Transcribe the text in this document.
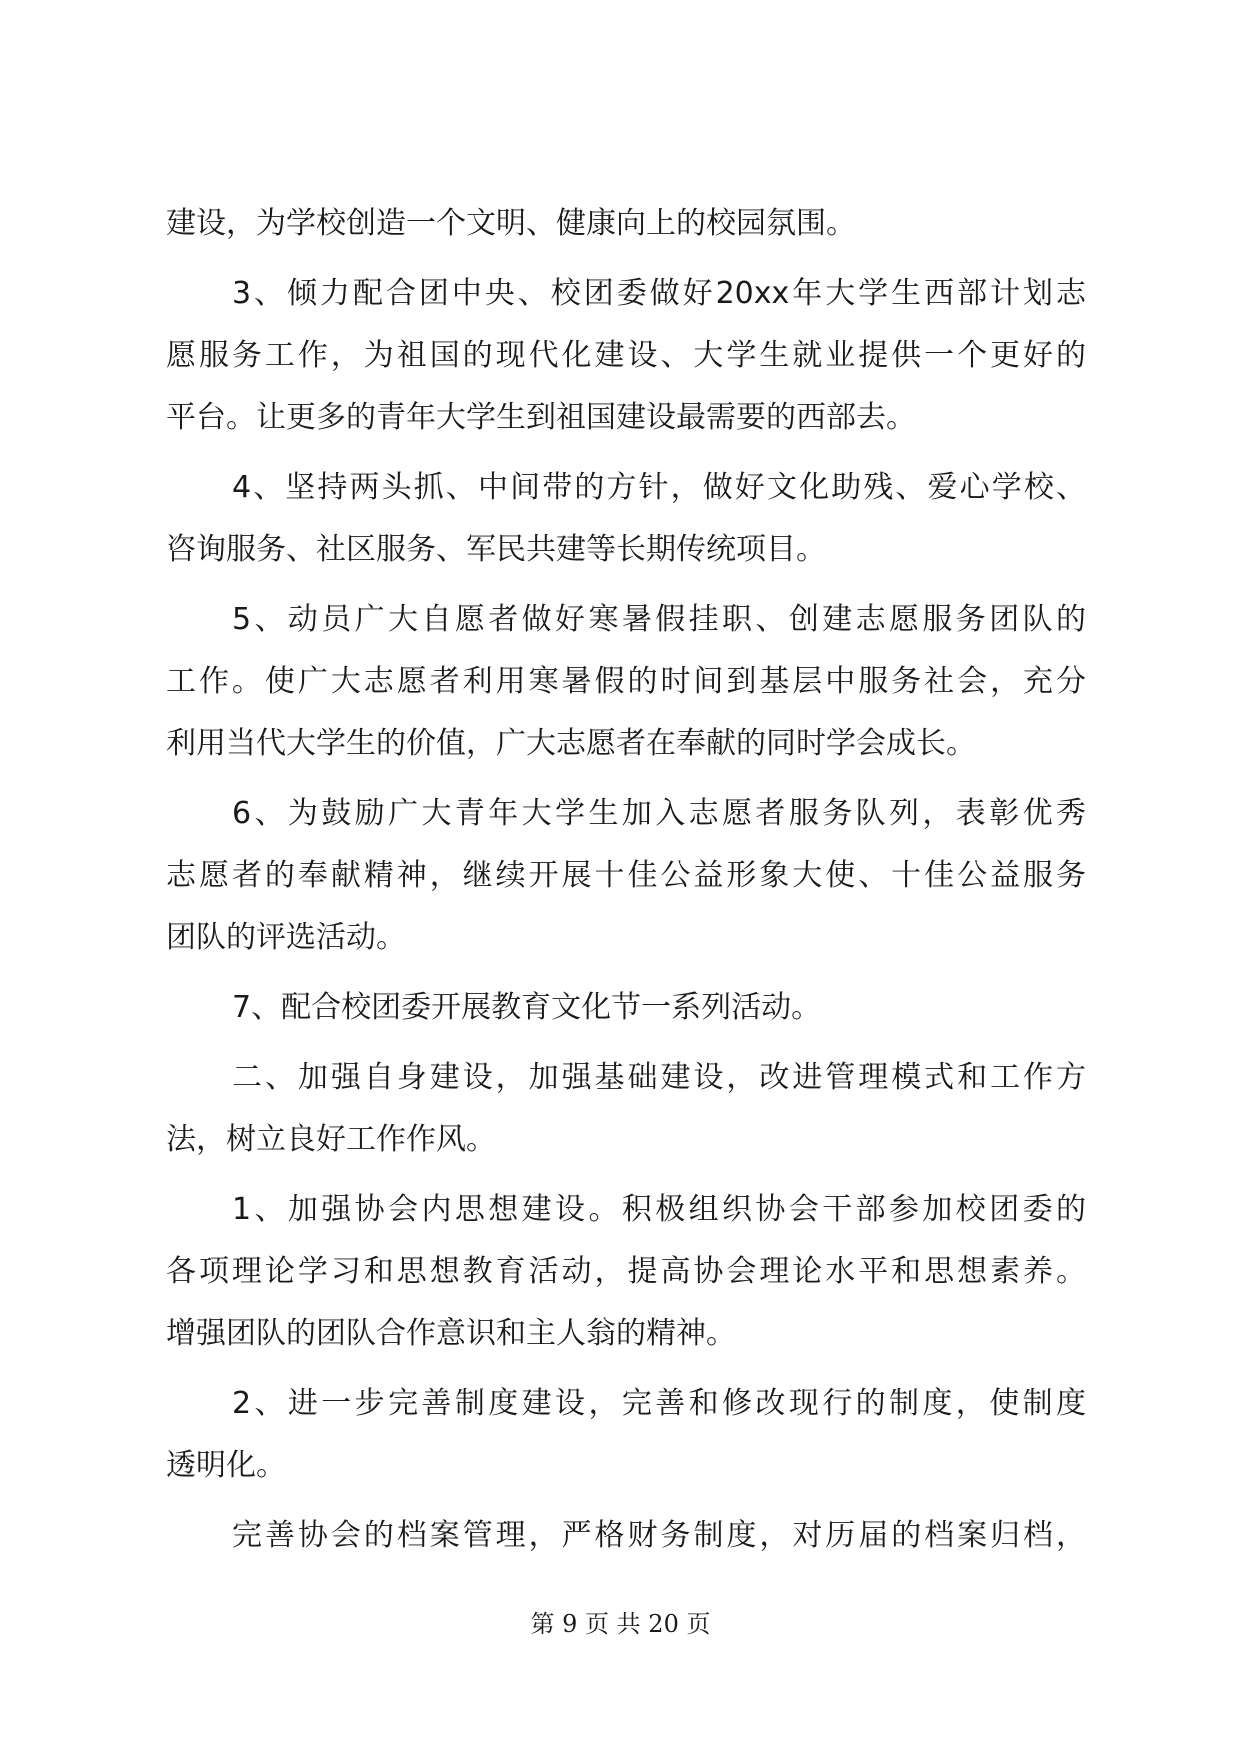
建设，为学校创造一个文明、健康向上的校园氛围。
3、倾力配合团中央、校团委做好20xx年大学生西部计划志
愿服务工作，为祖国的现代化建设、大学生就业提供一个更好的
平台。让更多的青年大学生到祖国建设最需要的西部去。
4、坚持两头抓、中间带的方针，做好文化助残、爱心学校、
咨询服务、社区服务、军民共建等长期传统项目。
5、动员广大自愿者做好寒暑假挂职、创建志愿服务团队的
工作。使广大志愿者利用寒暑假的时间到基层中服务社会，充分
利用当代大学生的价值，广大志愿者在奉献的同时学会成长。
6、为鼓励广大青年大学生加入志愿者服务队列，表彰优秀
志愿者的奉献精神，继续开展十佳公益形象大使、十佳公益服务
团队的评选活动。
7、配合校团委开展教育文化节一系列活动。
二、加强自身建设，加强基础建设，改进管理模式和工作方
法，树立良好工作作风。
1、加强协会内思想建设。积极组织协会干部参加校团委的
各项理论学习和思想教育活动，提高协会理论水平和思想素养。
增强团队的团队合作意识和主人翁的精神。
2、进一步完善制度建设，完善和修改现行的制度，使制度
透明化。
完善协会的档案管理，严格财务制度，对历届的档案归档，
第 9 页 共 20 页
